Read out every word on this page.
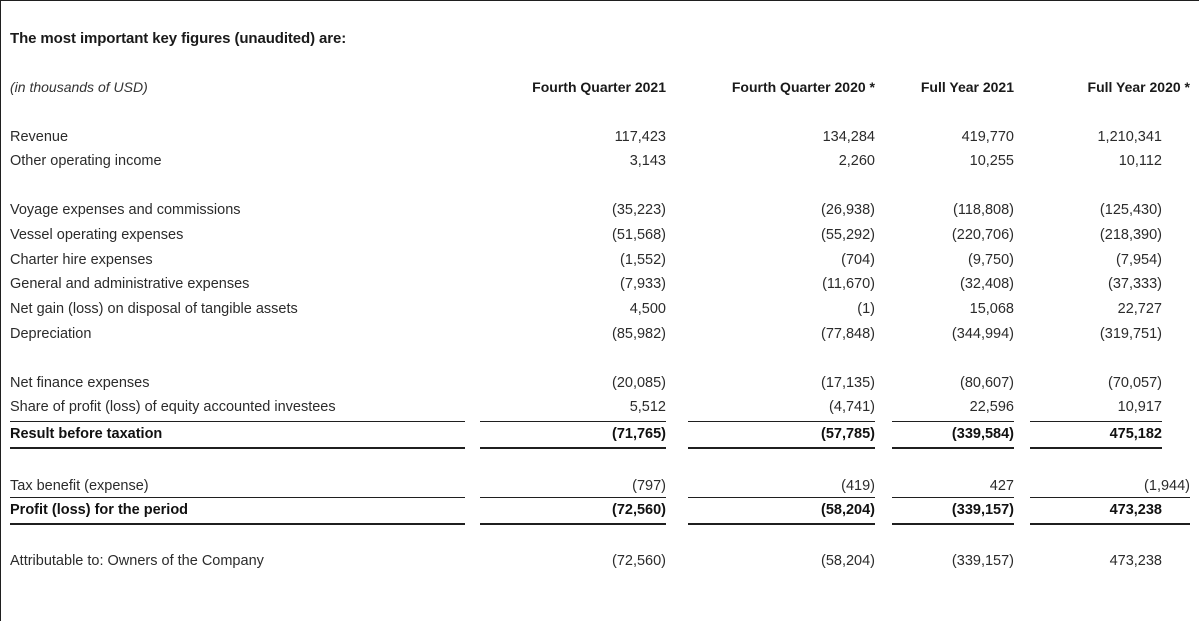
The most important key figures (unaudited) are:
(in thousands of USD)	Fourth Quarter 2021	Fourth Quarter 2020 *	Full Year 2021	Full Year 2020 *
Revenue	117,423	134,284	419,770	1,210,341
Other operating income	3,143	2,260	10,255	10,112
Voyage expenses and commissions	(35,223)	(26,938)	(118,808)	(125,430)
Vessel operating expenses	(51,568)	(55,292)	(220,706)	(218,390)
Charter hire expenses	(1,552)	(704)	(9,750)	(7,954)
General and administrative expenses	(7,933)	(11,670)	(32,408)	(37,333)
Net gain (loss) on disposal of tangible assets	4,500	(1)	15,068	22,727
Depreciation	(85,982)	(77,848)	(344,994)	(319,751)
Net finance expenses	(20,085)	(17,135)	(80,607)	(70,057)
Share of profit (loss) of equity accounted investees	5,512	(4,741)	22,596	10,917
Result before taxation	(71,765)	(57,785)	(339,584)	475,182
Tax benefit (expense)	(797)	(419)	427	(1,944)
Profit (loss) for the period	(72,560)	(58,204)	(339,157)	473,238
Attributable to: Owners of the Company	(72,560)	(58,204)	(339,157)	473,238
